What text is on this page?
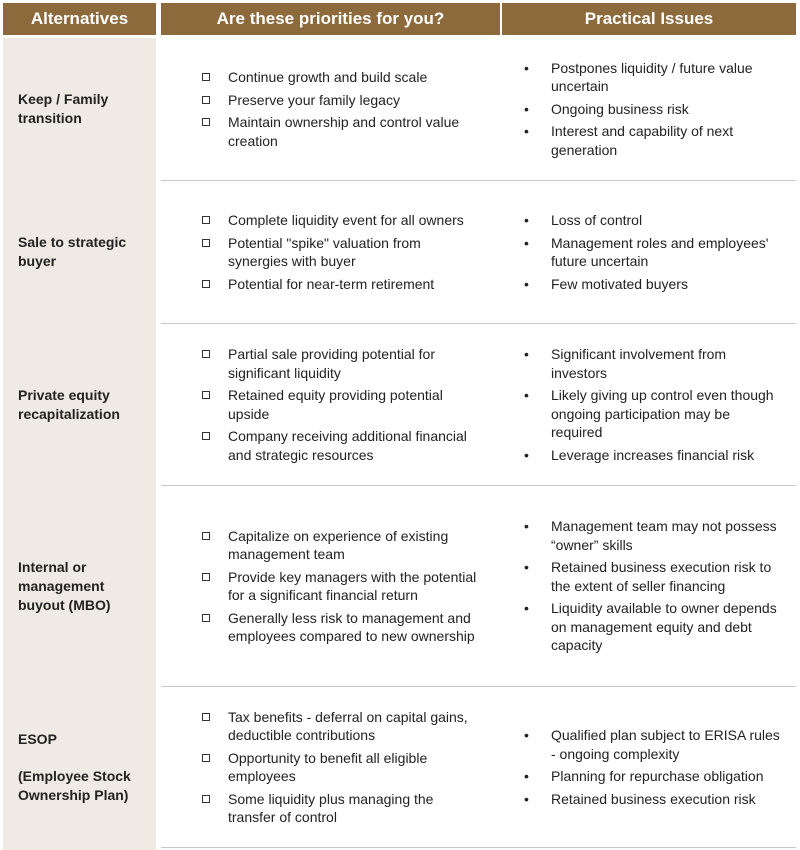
Alternatives	Are these priorities for you?	Practical Issues
Keep / Family transition
Continue growth and build scale
Preserve your family legacy
Maintain ownership and control value creation
• Postpones liquidity / future value uncertain
• Ongoing business risk
• Interest and capability of next generation
Sale to strategic buyer
Complete liquidity event for all owners
Potential "spike" valuation from synergies with buyer
Potential for near-term retirement
• Loss of control
• Management roles and employees' future uncertain
• Few motivated buyers
Private equity recapitalization
Partial sale providing potential for significant liquidity
Retained equity providing potential upside
Company receiving additional financial and strategic resources
• Significant involvement from investors
• Likely giving up control even though ongoing participation may be required
• Leverage increases financial risk
Internal or management buyout (MBO)
Capitalize on experience of existing management team
Provide key managers with the potential for a significant financial return
Generally less risk to management and employees compared to new ownership
• Management team may not possess “owner” skills
• Retained business execution risk to the extent of seller financing
• Liquidity available to owner depends on management equity and debt capacity
ESOP
(Employee Stock Ownership Plan)
Tax benefits - deferral on capital gains, deductible contributions
Opportunity to benefit all eligible employees
Some liquidity plus managing the transfer of control
• Qualified plan subject to ERISA rules - ongoing complexity
• Planning for repurchase obligation
• Retained business execution risk
